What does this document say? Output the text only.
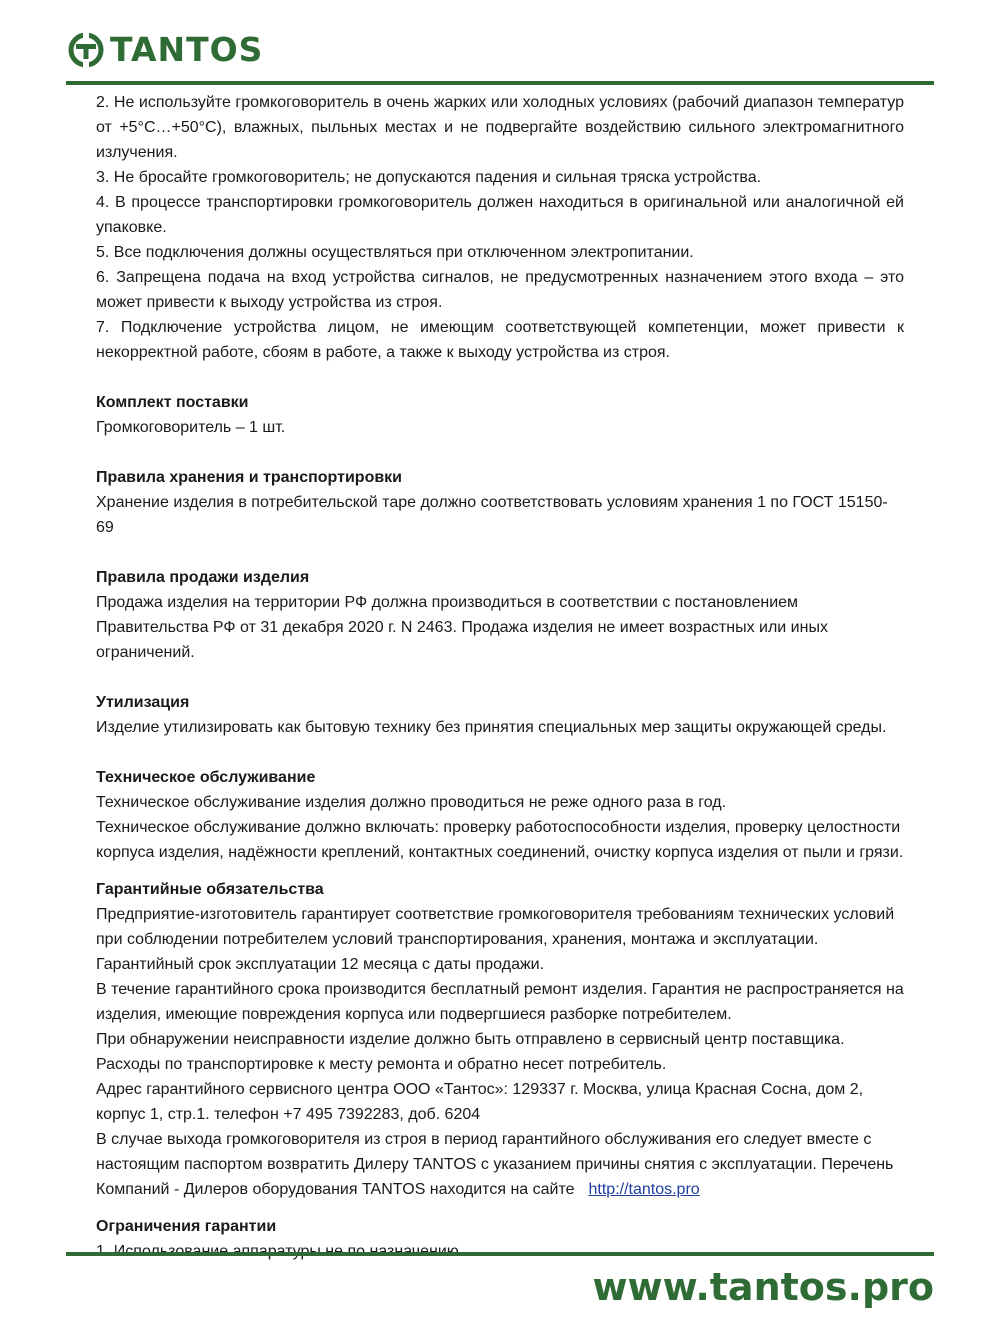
TANTOS

2. Не используйте громкоговоритель в очень жарких или холодных условиях (рабочий диапазон температур от +5°С…+50°С), влажных, пыльных местах и не подвергайте воздействию сильного электромагнитного излучения.

3. Не бросайте громкоговоритель; не допускаются падения и сильная тряска устройства.

4. В процессе транспортировки громкоговоритель должен находиться в оригинальной или аналогичной ей упаковке.

5. Все подключения должны осуществляться при отключенном электропитании.

6. Запрещена подача на вход устройства сигналов, не предусмотренных назначением этого входа – это может привести к выходу устройства из строя.

7. Подключение устройства лицом, не имеющим соответствующей компетенции, может привести к некорректной работе, сбоям в работе, а также к выходу устройства из строя.

Комплект поставки

Громкоговоритель – 1 шт.

Правила хранения и транспортировки

Хранение изделия в потребительской таре должно соответствовать условиям хранения 1 по ГОСТ 15150-69

Правила продажи изделия

Продажа изделия на территории РФ должна производиться в соответствии с постановлением Правительства РФ от 31 декабря 2020 г. N 2463. Продажа изделия не имеет возрастных или иных ограничений.

Утилизация

Изделие утилизировать как бытовую технику без принятия специальных мер защиты окружающей среды.

Техническое обслуживание

Техническое обслуживание изделия должно проводиться не реже одного раза в год.

Техническое обслуживание должно включать: проверку работоспособности изделия, проверку целостности корпуса изделия, надёжности креплений, контактных соединений, очистку корпуса изделия от пыли и грязи.

Гарантийные обязательства

Предприятие-изготовитель гарантирует соответствие громкоговорителя требованиям технических условий при соблюдении потребителем условий транспортирования, хранения, монтажа и эксплуатации.

Гарантийный срок эксплуатации 12 месяца с даты продажи.

В течение гарантийного срока производится бесплатный ремонт изделия. Гарантия не распространяется на изделия, имеющие повреждения корпуса или подвергшиеся разборке потребителем.

При обнаружении неисправности изделие должно быть отправлено в сервисный центр поставщика.

Расходы по транспортировке к месту ремонта и обратно несет потребитель.

Адрес гарантийного сервисного центра ООО «Тантос»: 129337 г. Москва, улица Красная Сосна, дом 2, корпус 1, стр.1. телефон +7 495 7392283, доб. 6204

В случае выхода громкоговорителя из строя в период гарантийного обслуживания его следует вместе с настоящим паспортом возвратить Дилеру TANTOS с указанием причины снятия с эксплуатации. Перечень Компаний - Дилеров оборудования TANTOS находится на сайте http://tantos.pro

Ограничения гарантии

www.tantos.pro
